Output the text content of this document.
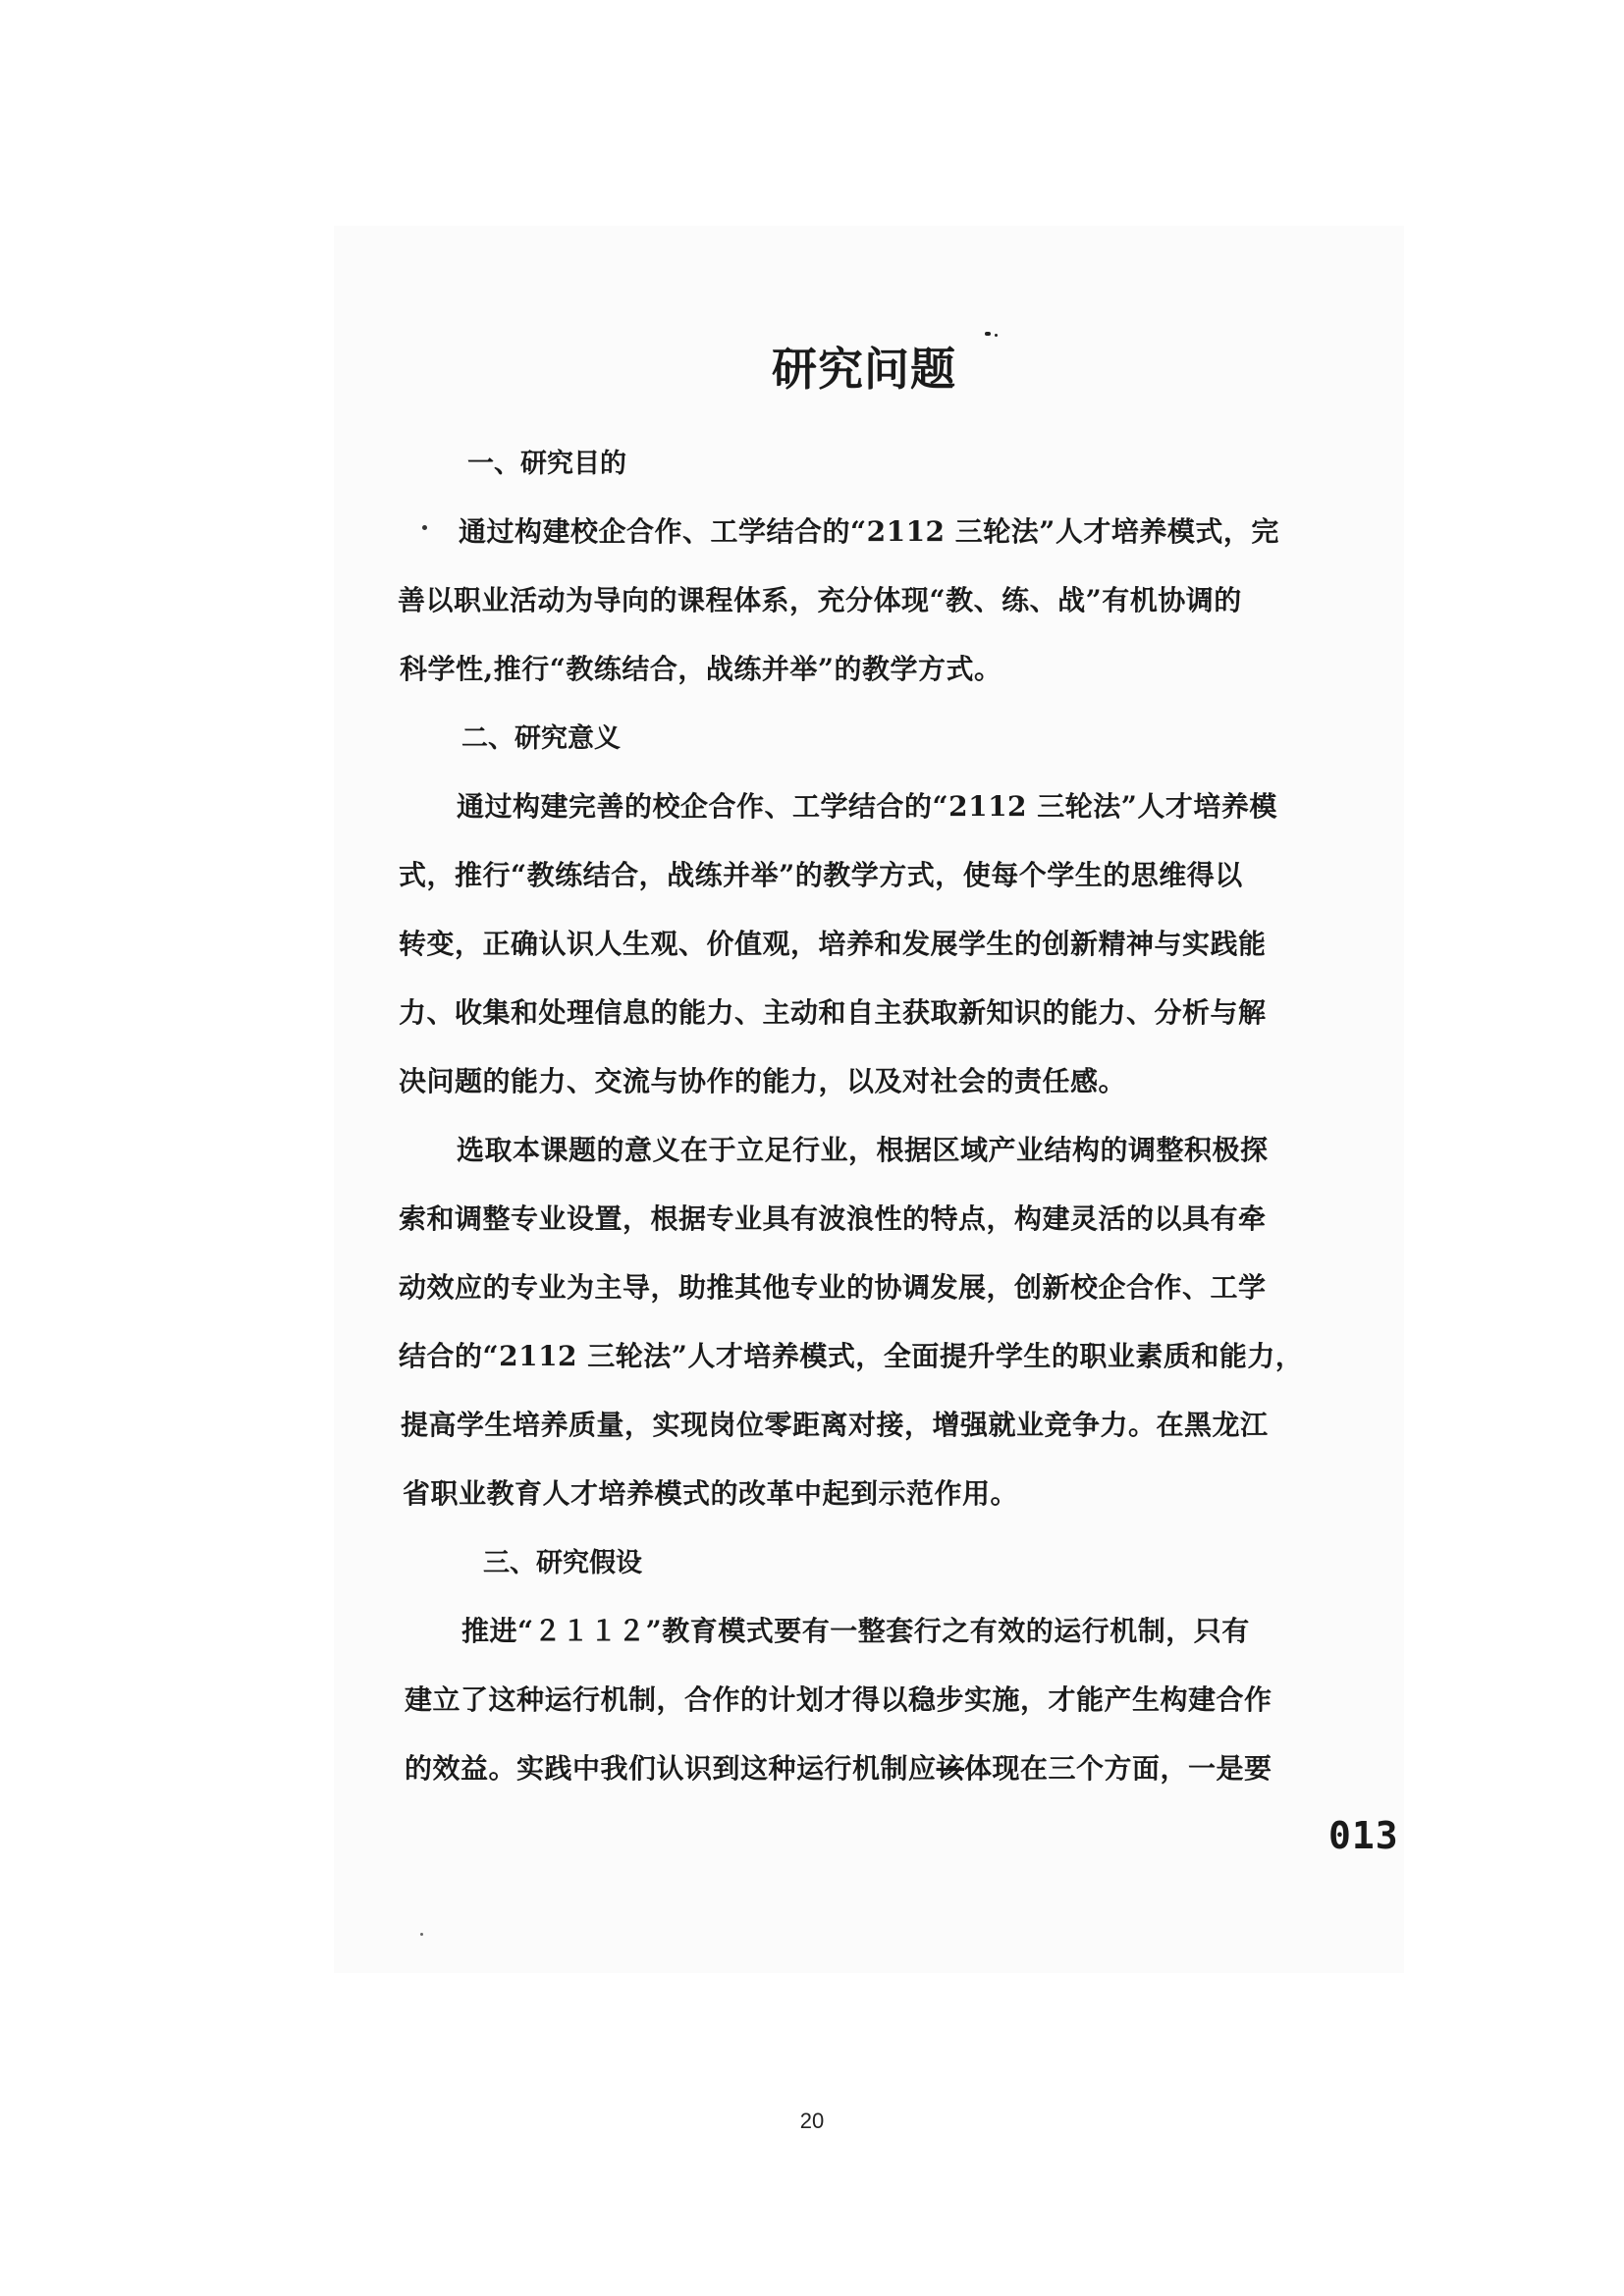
研究问题
一、研究目的
通过构建校企合作、工学结合的“2112 三轮法”人才培养模式，完
善以职业活动为导向的课程体系，充分体现“教、练、战”有机协调的
科学性,推行“教练结合，战练并举”的教学方式。
二、研究意义
通过构建完善的校企合作、工学结合的“2112 三轮法”人才培养模
式，推行“教练结合，战练并举”的教学方式，使每个学生的思维得以
转变，正确认识人生观、价值观，培养和发展学生的创新精神与实践能
力、收集和处理信息的能力、主动和自主获取新知识的能力、分析与解
决问题的能力、交流与协作的能力，以及对社会的责任感。
选取本课题的意义在于立足行业，根据区域产业结构的调整积极探
索和调整专业设置，根据专业具有波浪性的特点，构建灵活的以具有牵
动效应的专业为主导，助推其他专业的协调发展，创新校企合作、工学
结合的“2112 三轮法”人才培养模式，全面提升学生的职业素质和能力，
提高学生培养质量，实现岗位零距离对接，增强就业竞争力。在黑龙江
省职业教育人才培养模式的改革中起到示范作用。
三、研究假设
推进“２１１２”教育模式要有一整套行之有效的运行机制，只有
建立了这种运行机制，合作的计划才得以稳步实施，才能产生构建合作
的效益。实践中我们认识到这种运行机制应该体现在三个方面，一是要
013
20
